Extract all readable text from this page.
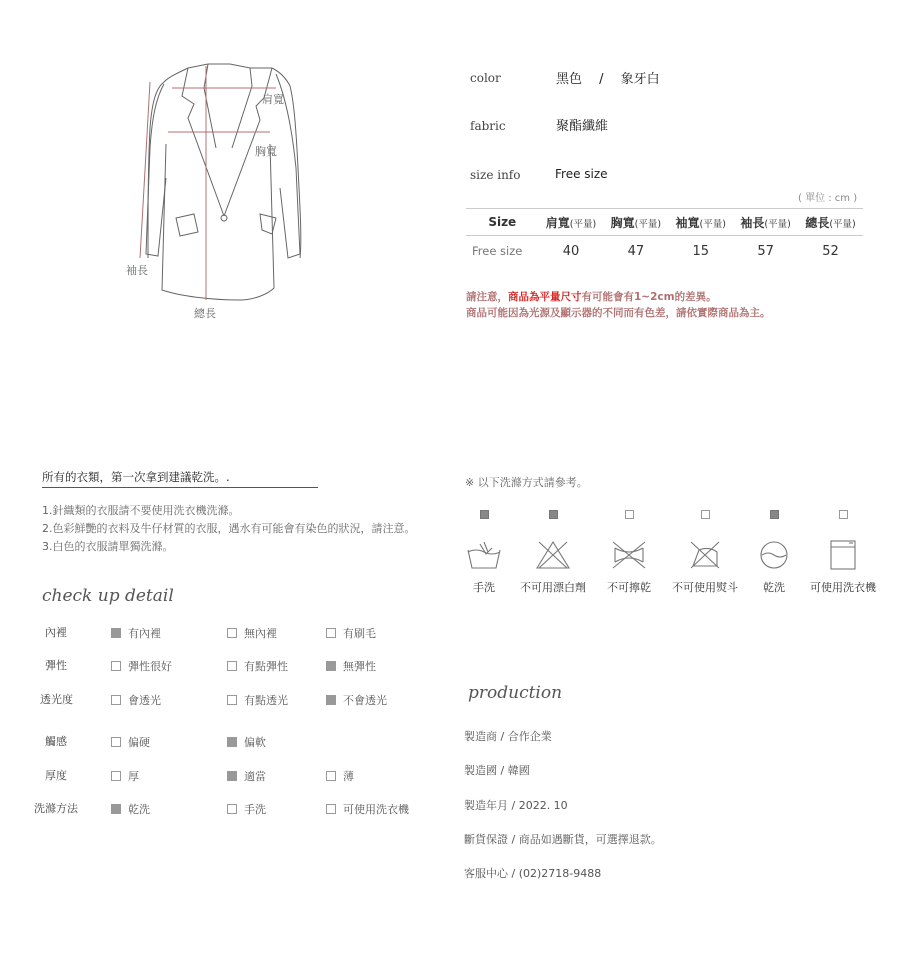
肩寬
胸寬
袖長
總長
color	黑色　 /　 象牙白
fabric	聚酯纖維
size info	Free size
( 單位 : cm )
Size	肩寬(平量)	胸寬(平量)	袖寬(平量)	袖長(平量)	總長(平量)
Free size	40	47	15	57	52
請注意，商品為平量尺寸有可能會有1~2cm的差異。
商品可能因為光源及顯示器的不同而有色差，請依實際商品為主。
所有的衣類，第一次拿到建議乾洗。.
1.針織類的衣服請不要使用洗衣機洗滌。
2.色彩鮮艷的衣料及牛仔材質的衣服，遇水有可能會有染色的狀況，請注意。
3.白色的衣服請單獨洗滌。
check up detail
內裡	有內裡	無內裡	有刷毛
彈性	彈性很好	有點彈性	無彈性
透光度	會透光	有點透光	不會透光
觸感	偏硬	偏軟
厚度	厚	適當	薄
洗滌方法	乾洗	手洗	可使用洗衣機
※ 以下洗滌方式請參考。
手洗	不可用漂白劑	不可擰乾	不可使用熨斗	乾洗	可使用洗衣機
production
製造商 / 合作企業
製造國 / 韓國
製造年月 / 2022. 10
斷貨保證 / 商品如遇斷貨，可選擇退款。
客服中心 / (02)2718-9488
